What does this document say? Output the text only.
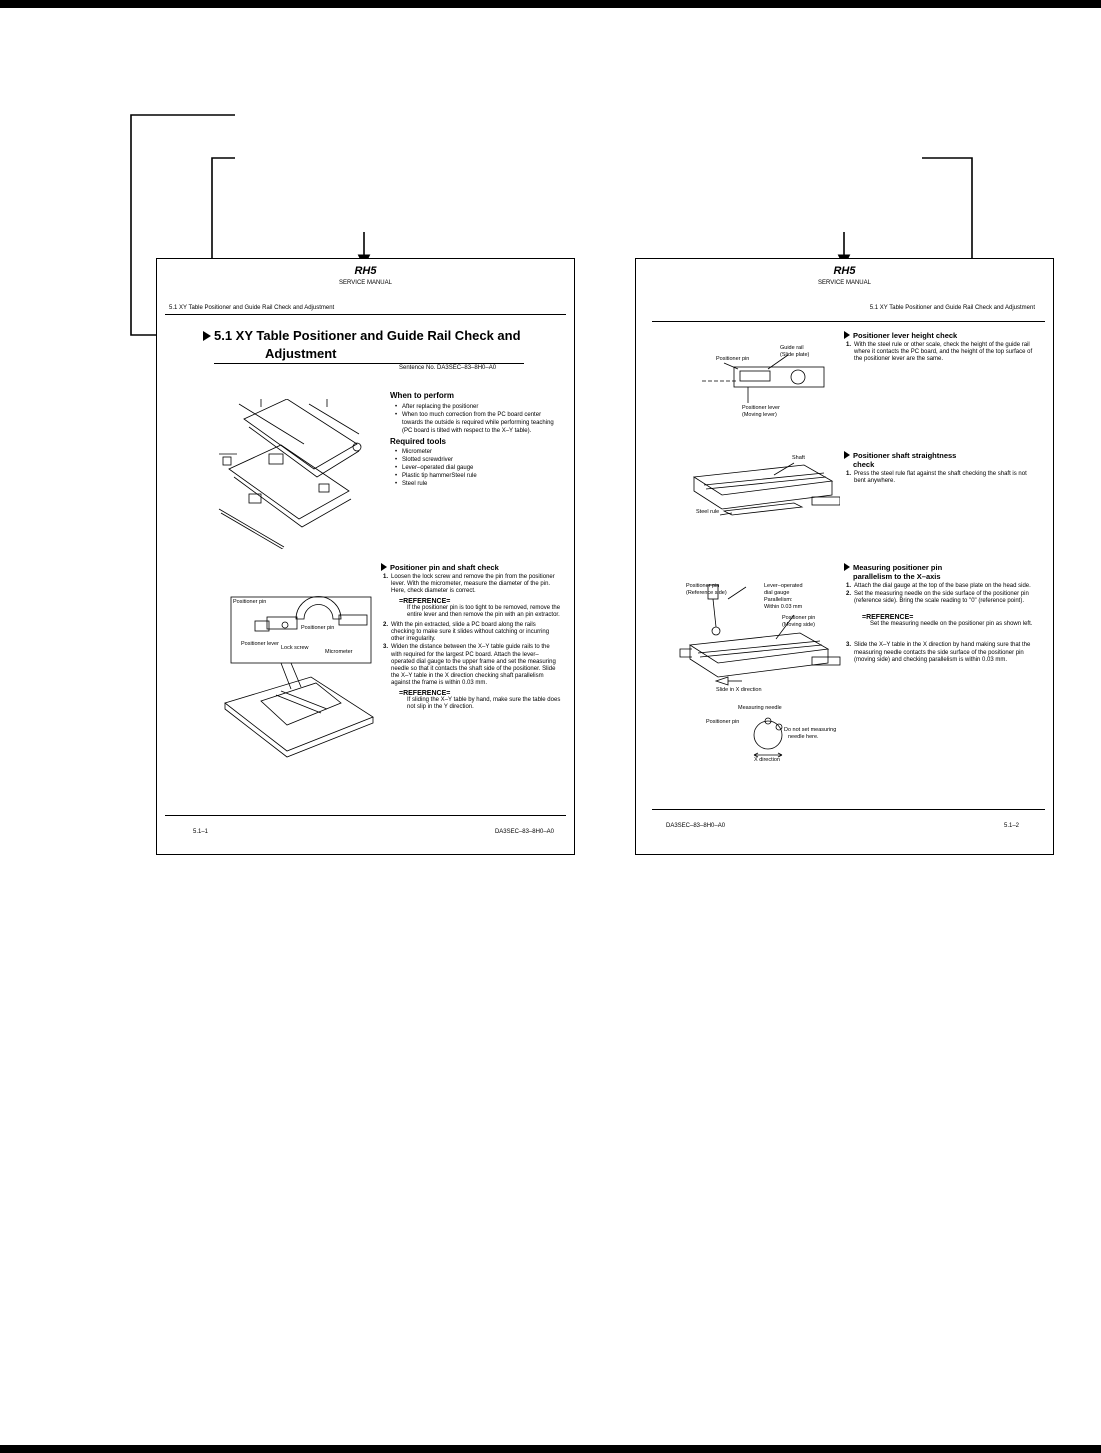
RH5
SERVICE MANUAL
5.1 XY Table Positioner and Guide Rail Check and Adjustment
5.1 XY Table Positioner and Guide Rail Check and
Adjustment
Sentence No. DA3SEC–83–8H0–A0
When to perform
• After replacing the positioner
• When too much correction from the PC board center towards the outside is required while performing teaching (PC board is tilted with respect to the X–Y table).
Required tools
• Micrometer
• Slotted screwdriver
• Lever–operated dial gauge
• Plastic tip hammerSteel rule
• Steel rule
Positioner pin
Positioner pin
Positioner lever
Lock screw
Micrometer
Positioner pin and shaft check
1. Loosen the lock screw and remove the pin from the positioner lever. With the micrometer, measure the diameter of the pin. Here, check diameter is correct.
=REFERENCE=
If the positioner pin is too tight to be removed, remove the entire lever and then remove the pin with an pin extractor.
2. With the pin extracted, slide a PC board along the rails checking to make sure it slides without catching or incurring other irregularity.
3. Widen the distance between the X–Y table guide rails to the with required for the largest PC board. Attach the lever–operated dial gauge to the upper frame and set the measuring needle so that it contacts the shaft side of the positioner. Slide the X–Y table in the X direction checking shaft parallelism against the frame is within 0.03 mm.
=REFERENCE=
If sliding the X–Y table by hand, make sure the table does not slip in the Y direction.
5.1–1	DA3SEC–83–8H0–A0
RH5
SERVICE MANUAL
5.1 XY Table Positioner and Guide Rail Check and Adjustment
Guide rail
(Slide plate)
Positioner pin
Positioner lever
(Moving lever)
Positioner lever height check
1. With the steel rule or other scale, check the height of the guide rail where it contacts the PC board, and the height of the top surface of the positioner lever are the same.
Shaft
Steel rule
Positioner shaft straightness
check
1. Press the steel rule flat against the shaft checking the shaft is not bent anywhere.
Positioner pin
(Reference side)
Lever–operated
dial gauge
Parallelism:
Within 0.03 mm
Positioner pin
(Moving side)
Slide in X direction
Measuring needle
Positioner pin
Do not set measuring
needle here.
X direction
Measuring positioner pin
parallelism to the X–axis
1. Attach the dial gauge at the top of the base plate on the head side.
2. Set the measuring needle on the side surface of the positioner pin (reference side). Bring the scale reading to "0" (reference point).
=REFERENCE=
Set the measuring needle on the positioner pin as shown left.
3. Slide the X–Y table in the X direction by hand making sure that the measuring needle contacts the side surface of the positioner pin (moving side) and checking parallelism is within 0.03 mm.
DA3SEC–83–8H0–A0	5.1–2
